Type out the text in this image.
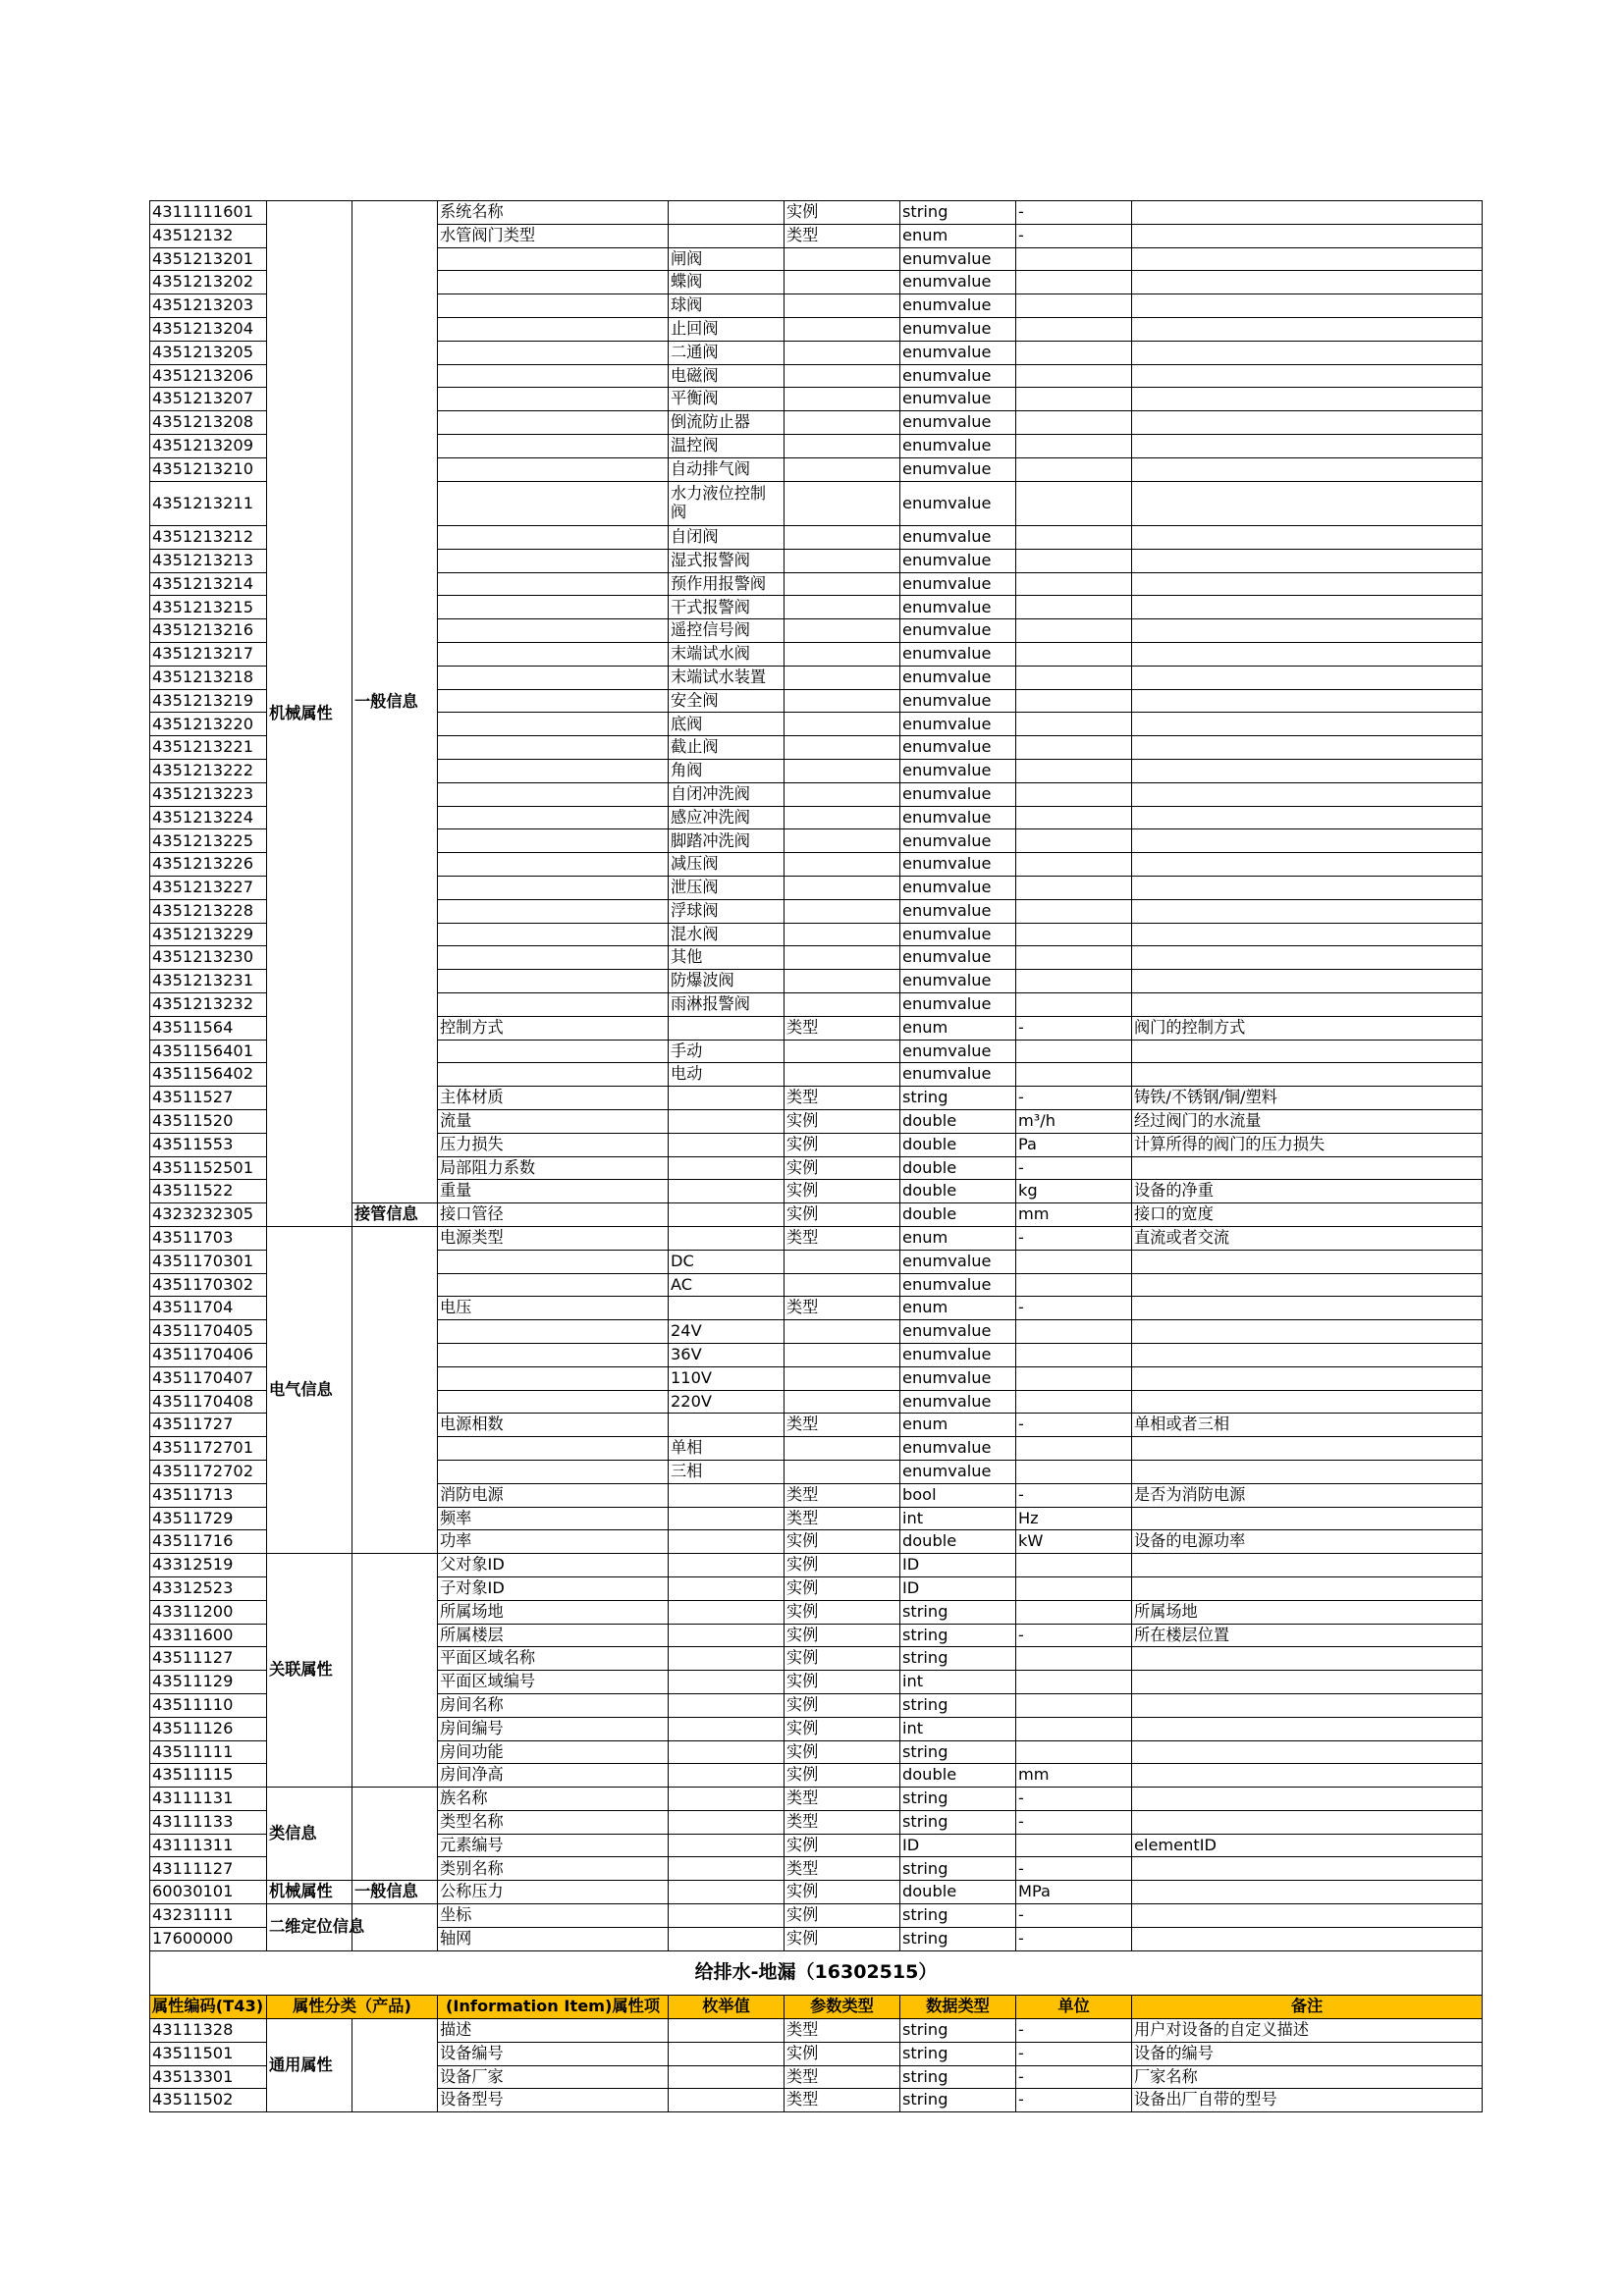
4311111601	机械属性	一般信息	系统名称		实例	string	-	
43512132			水管阀门类型		类型	enum	-	
4351213201				闸阀		enumvalue		
4351213202				蝶阀		enumvalue		
4351213203				球阀		enumvalue		
4351213204				止回阀		enumvalue		
4351213205				二通阀		enumvalue		
4351213206				电磁阀		enumvalue		
4351213207				平衡阀		enumvalue		
4351213208				倒流防止器		enumvalue		
4351213209				温控阀		enumvalue		
4351213210				自动排气阀		enumvalue		
4351213211				水力液位控制阀		enumvalue		
4351213212				自闭阀		enumvalue		
4351213213				湿式报警阀		enumvalue		
4351213214				预作用报警阀		enumvalue		
4351213215				干式报警阀		enumvalue		
4351213216				遥控信号阀		enumvalue		
4351213217				末端试水阀		enumvalue		
4351213218				末端试水装置		enumvalue		
4351213219				安全阀		enumvalue		
4351213220				底阀		enumvalue		
4351213221				截止阀		enumvalue		
4351213222				角阀		enumvalue		
4351213223				自闭冲洗阀		enumvalue		
4351213224				感应冲洗阀		enumvalue		
4351213225				脚踏冲洗阀		enumvalue		
4351213226				减压阀		enumvalue		
4351213227				泄压阀		enumvalue		
4351213228				浮球阀		enumvalue		
4351213229				混水阀		enumvalue		
4351213230				其他		enumvalue		
4351213231				防爆波阀		enumvalue		
4351213232				雨淋报警阀		enumvalue		
43511564			控制方式		类型	enum	-	阀门的控制方式
4351156401				手动		enumvalue		
4351156402				电动		enumvalue		
43511527			主体材质		类型	string	-	铸铁/不锈钢/铜/塑料
43511520			流量		实例	double	m³/h	经过阀门的水流量
43511553			压力损失		实例	double	Pa	计算所得的阀门的压力损失
4351152501			局部阻力系数		实例	double	-	
43511522			重量		实例	double	kg	设备的净重
4323232305		接管信息	接口管径		实例	double	mm	接口的宽度
43511703	电气信息		电源类型		类型	enum	-	直流或者交流
4351170301				DC		enumvalue		
4351170302				AC		enumvalue		
43511704			电压		类型	enum	-	
4351170405				24V		enumvalue		
4351170406				36V		enumvalue		
4351170407				110V		enumvalue		
4351170408				220V		enumvalue		
43511727			电源相数		类型	enum	-	单相或者三相
4351172701				单相		enumvalue		
4351172702				三相		enumvalue		
43511713			消防电源		类型	bool	-	是否为消防电源
43511729			频率		类型	int	Hz	
43511716			功率		实例	double	kW	设备的电源功率
43312519	关联属性		父对象ID		实例	ID		
43312523			子对象ID		实例	ID		
43311200			所属场地		实例	string		所属场地
43311600			所属楼层		实例	string	-	所在楼层位置
43511127			平面区域名称		实例	string		
43511129			平面区域编号		实例	int		
43511110			房间名称		实例	string		
43511126			房间编号		实例	int		
43511111			房间功能		实例	string		
43511115			房间净高		实例	double	mm	
43111131	类信息		族名称		类型	string	-	
43111133			类型名称		类型	string	-	
43111311			元素编号		实例	ID		elementID
43111127			类别名称		类型	string	-	
60030101	机械属性	一般信息	公称压力		实例	double	MPa	
43231111	二维定位信息		坐标		实例	string	-	
17600000			轴网		实例	string	-	
给排水-地漏（16302515）								
属性编码(T43)	属性分类（产品)		(Information Item)属性项	枚举值	参数类型	数据类型	单位	备注
43111328	通用属性		描述		类型	string	-	用户对设备的自定义描述
43511501			设备编号		实例	string	-	设备的编号
43513301			设备厂家		类型	string	-	厂家名称
43511502			设备型号		类型	string	-	设备出厂自带的型号
